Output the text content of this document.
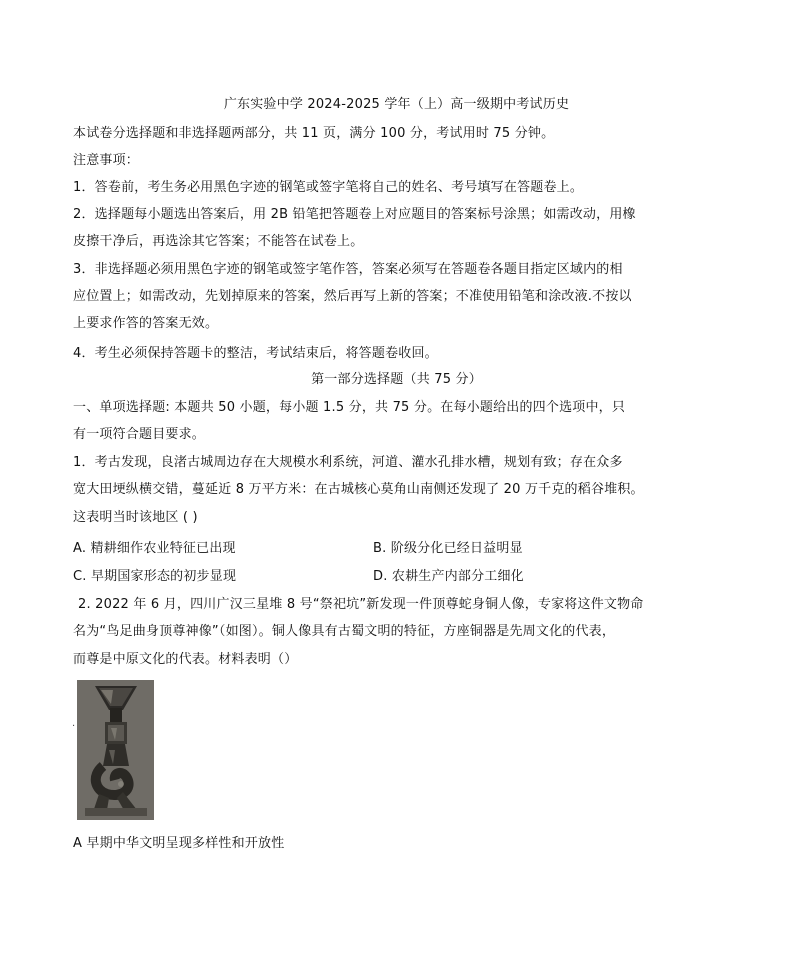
广东实验中学 2024-2025 学年（上）高一级期中考试历史
本试卷分选择题和非选择题两部分，共 11 页，满分 100 分，考试用时 75 分钟。
注意事项：
1．答卷前，考生务必用黑色字迹的钢笔或签字笔将自己的姓名、考号填写在答题卷上。
2．选择题每小题选出答案后，用 2B 铅笔把答题卷上对应题目的答案标号涂黑；如需改动，用橡
皮擦干净后，再选涂其它答案；不能答在试卷上。
3．非选择题必须用黑色字迹的钢笔或签字笔作答，答案必须写在答题卷各题目指定区域内的相
应位置上；如需改动，先划掉原来的答案，然后再写上新的答案；不准使用铅笔和涂改液.不按以
上要求作答的答案无效。
4．考生必须保持答题卡的整洁，考试结束后，将答题卷收回。
第一部分选择题（共 75 分）
一、单项选择题: 本题共 50 小题，每小题 1.5 分，共 75 分。在每小题给出的四个选项中，只
有一项符合题目要求。
1．考古发现，良渚古城周边存在大规模水利系统，河道、灌水孔排水槽，规划有致；存在众多
宽大田埂纵横交错，蔓延近 8 万平方米：在古城核心莫角山南侧还发现了 20 万千克的稻谷堆积。
这表明当时该地区 ( )
A. 精耕细作农业特征已出现	B. 阶级分化已经日益明显
C. 早期国家形态的初步显现	D. 农耕生产内部分工细化
2. 2022 年 6 月，四川广汉三星堆 8 号“祭祀坑”新发现一件顶尊蛇身铜人像，专家将这件文物命
名为“鸟足曲身顶尊神像”（如图）。铜人像具有古蜀文明的特征，方座铜器是先周文化的代表，
而尊是中原文化的代表。材料表明（）
.
A 早期中华文明呈现多样性和开放性
